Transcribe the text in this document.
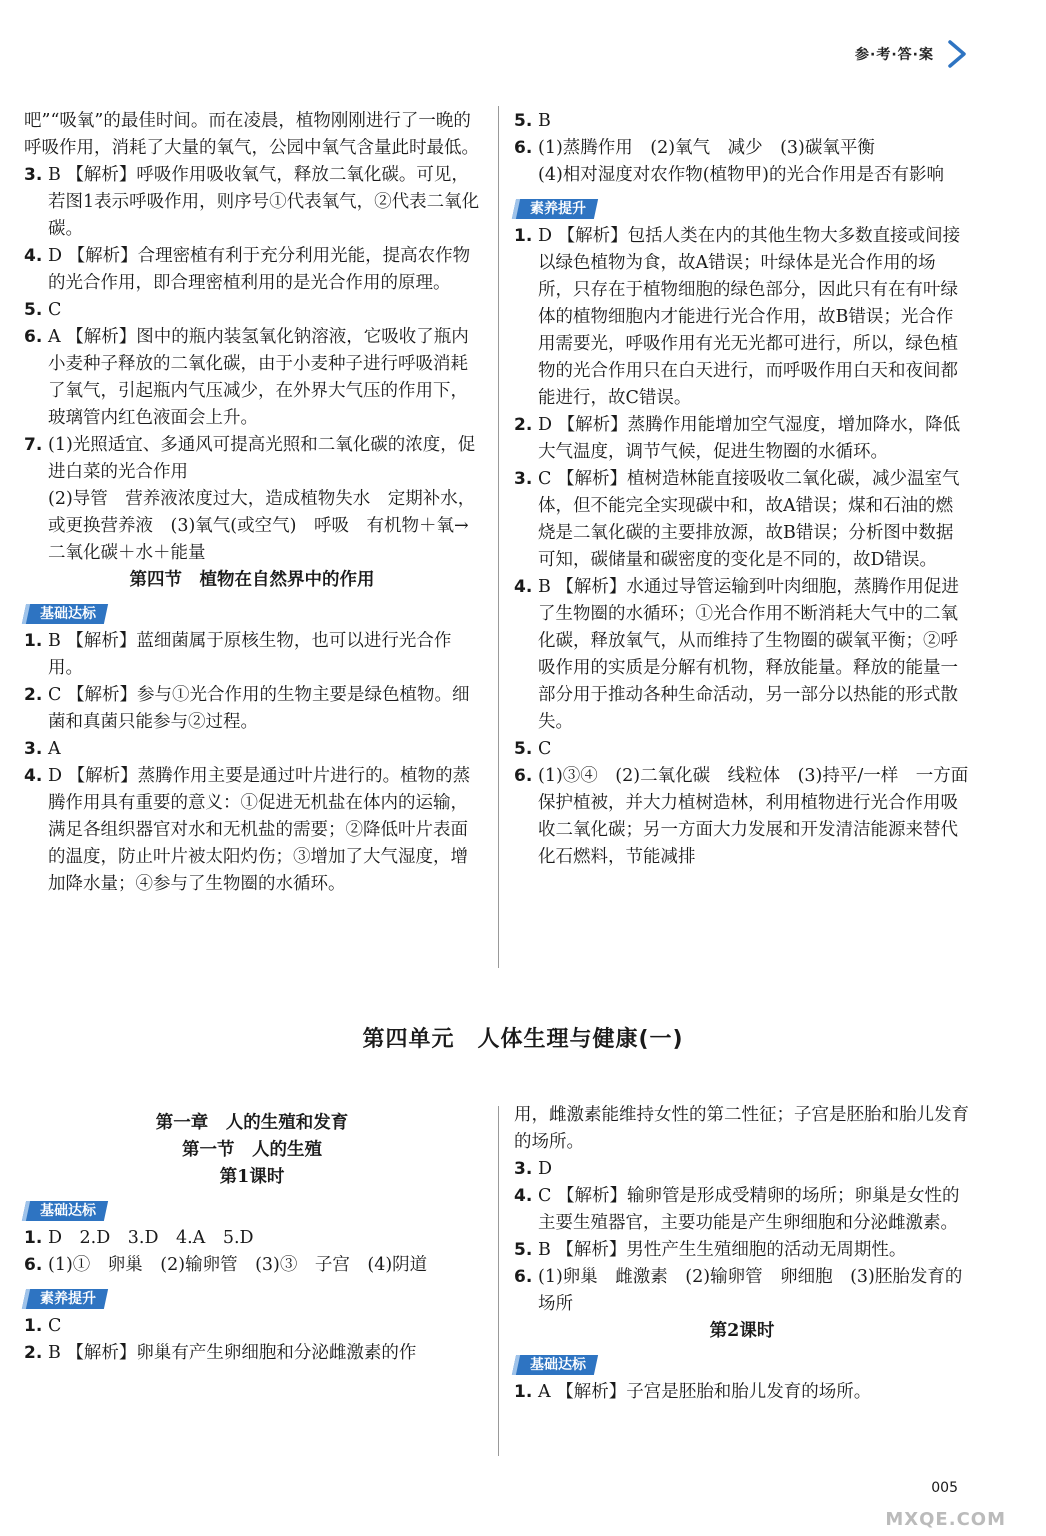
参·考·答·案

吧”“吸氧”的最佳时间。而在凌晨，植物刚刚进行了一晚的呼吸作用，消耗了大量的氧气，公园中氧气含量此时最低。

3. B 【解析】呼吸作用吸收氧气，释放二氧化碳。可见，若图1表示呼吸作用，则序号①代表氧气，②代表二氧化碳。

4. D 【解析】合理密植有利于充分利用光能，提高农作物的光合作用，即合理密植利用的是光合作用的原理。

5. C

6. A 【解析】图中的瓶内装氢氧化钠溶液，它吸收了瓶内小麦种子释放的二氧化碳，由于小麦种子进行呼吸消耗了氧气，引起瓶内气压减少，在外界大气压的作用下，玻璃管内红色液面会上升。

7. (1)光照适宜、多通风可提高光照和二氧化碳的浓度，促进白菜的光合作用

(2)导管　营养液浓度过大，造成植物失水　定期补水，或更换营养液　(3)氧气(或空气)　呼吸　有机物＋氧→二氧化碳＋水＋能量

第四节　植物在自然界中的作用

基础达标

1. B 【解析】蓝细菌属于原核生物，也可以进行光合作用。

2. C 【解析】参与①光合作用的生物主要是绿色植物。细菌和真菌只能参与②过程。

3. A

4. D 【解析】蒸腾作用主要是通过叶片进行的。植物的蒸腾作用具有重要的意义：①促进无机盐在体内的运输，满足各组织器官对水和无机盐的需要；②降低叶片表面的温度，防止叶片被太阳灼伤；③增加了大气湿度，增加降水量；④参与了生物圈的水循环。

5. B

6. (1)蒸腾作用　(2)氧气　减少　(3)碳氧平衡

(4)相对湿度对农作物(植物甲)的光合作用是否有影响

素养提升

1. D 【解析】包括人类在内的其他生物大多数直接或间接以绿色植物为食，故A错误；叶绿体是光合作用的场所，只存在于植物细胞的绿色部分，因此只有在有叶绿体的植物细胞内才能进行光合作用，故B错误；光合作用需要光，呼吸作用有光无光都可进行，所以，绿色植物的光合作用只在白天进行，而呼吸作用白天和夜间都能进行，故C错误。

2. D 【解析】蒸腾作用能增加空气湿度，增加降水，降低大气温度，调节气候，促进生物圈的水循环。

3. C 【解析】植树造林能直接吸收二氧化碳，减少温室气体，但不能完全实现碳中和，故A错误；煤和石油的燃烧是二氧化碳的主要排放源，故B错误；分析图中数据可知，碳储量和碳密度的变化是不同的，故D错误。

4. B 【解析】水通过导管运输到叶肉细胞，蒸腾作用促进了生物圈的水循环；①光合作用不断消耗大气中的二氧化碳，释放氧气，从而维持了生物圈的碳氧平衡；②呼吸作用的实质是分解有机物，释放能量。释放的能量一部分用于推动各种生命活动，另一部分以热能的形式散失。

5. C

6. (1)③④　(2)二氧化碳　线粒体　(3)持平/一样　一方面保护植被，并大力植树造林，利用植物进行光合作用吸收二氧化碳；另一方面大力发展和开发清洁能源来替代化石燃料，节能减排

第四单元　人体生理与健康(一)

第一章　人的生殖和发育

第一节　人的生殖

第1课时

基础达标

1. D　2.D　3.D　4.A　5.D

6. (1)①　卵巢　(2)输卵管　(3)③　子宫　(4)阴道

素养提升

1. C

2. B 【解析】卵巢有产生卵细胞和分泌雌激素的作

用，雌激素能维持女性的第二性征；子宫是胚胎和胎儿发育的场所。

3. D

4. C 【解析】输卵管是形成受精卵的场所；卵巢是女性的主要生殖器官，主要功能是产生卵细胞和分泌雌激素。

5. B 【解析】男性产生生殖细胞的活动无周期性。

6. (1)卵巢　雌激素　(2)输卵管　卵细胞　(3)胚胎发育的场所

第2课时

基础达标

1. A 【解析】子宫是胚胎和胎儿发育的场所。

005
MXQE.COM
